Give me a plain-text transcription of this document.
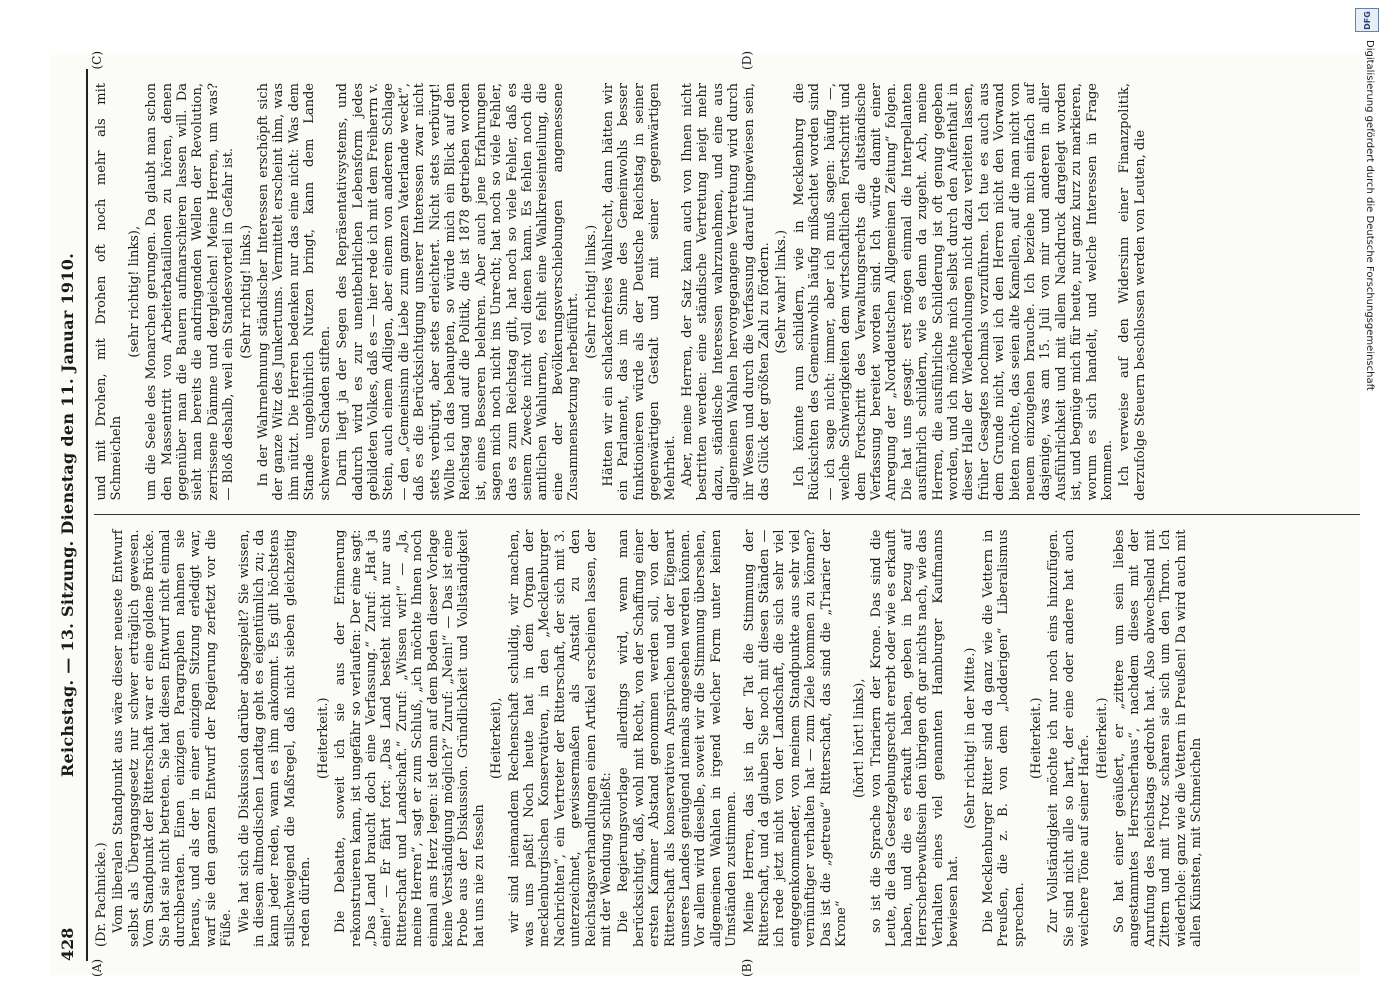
428
Reichstag. — 13. Sitzung. Dienstag den 11. Januar 1910.

(Dr. Pachnicke.) Vom liberalen Standpunkt aus wäre dieser neueste Entwurf selbst als Übergangsgesetz nur schwer erträglich gewesen. Vom Standpunkt der Ritterschaft war er eine goldene Brücke. Sie hat sie nicht betreten. Sie hat diesen Entwurf nicht einmal durchberaten. Einen einzigen Paragraphen nahmen sie heraus, und als der in einer einzigen Sitzung erledigt war, warf sie den ganzen Entwurf der Regierung zerfetzt vor die Füße. Wie hat sich die Diskussion darüber abgespielt? Sie wissen, in diesem altmodischen Landtag geht es eigentümlich zu; da kann jeder reden, wann es ihm ankommt. Es gilt höchstens stillschweigend die Maßregel, daß nicht sieben gleichzeitig reden dürfen.

(Heiterkeit.) Die Debatte, soweit ich sie aus der Erinnerung rekonstruieren kann, ist ungefähr so verlaufen: Der eine sagt: „Das Land braucht doch eine Verfassung.“ Zuruf: „Hat ja eine!“ — Er fährt fort: „Das Land besteht nicht nur aus Ritterschaft und Landschaft.“ Zuruf: „Wissen wir!“ — „Ja, meine Herren“, sagt er zum Schluß, „ich möchte Ihnen noch einmal ans Herz legen: ist denn auf dem Boden dieser Vorlage keine Verständigung möglich?“ Zuruf: „Nein!“ — Das ist eine Probe aus der Diskussion. Gründlichkeit und Vollständigkeit hat uns nie zu fesseln

(Heiterkeit), wir sind niemandem Rechenschaft schuldig, wir machen, was uns paßt! Noch heute hat in dem Organ der mecklenburgischen Konservativen, in den „Mecklenburger Nachrichten“, ein Vertreter der Ritterschaft, der sich mit 3. unterzeichnet, gewissermaßen als Anstalt zu den Reichstagsverhandlungen einen Artikel erscheinen lassen, der mit der Wendung schließt: Die Regierungsvorlage allerdings wird, wenn man berücksichtigt, daß, wohl mit Recht, von der Schaffung einer ersten Kammer Abstand genommen werden soll, von der Ritterschaft als konservativen Ansprüchen und der Eigenart unseres Landes genügend niemals angesehen werden können. Vor allem wird dieselbe, soweit wir die Stimmung übersehen, allgemeinen Wahlen in irgend welcher Form unter keinen Umständen zustimmen. Meine Herren, das ist in der Tat die Stimmung der Ritterschaft, und da glauben Sie noch mit diesen Ständen — ich rede jetzt nicht von der Landschaft, die sich sehr viel entgegenkommender, von meinem Standpunkte aus sehr viel vernünftiger verhalten hat — zum Ziele kommen zu können? Das ist die „getreue“ Ritterschaft, das sind die „Triarier der Krone“

(hört! hört! links), so ist die Sprache von Triariern der Krone. Das sind die Leute, die das Gesetzgebungsrecht ererbt oder wie es erkauft haben, und die es erkauft haben, geben in bezug auf Herrscherbewußtsein den übrigen oft gar nichts nach, wie das Verhalten eines viel genannten Hamburger Kaufmanns bewiesen hat.

(Sehr richtig! in der Mitte.) Die Mecklenburger Ritter sind da ganz wie die Vettern in Preußen, die z. B. von dem „lodderigen“ Liberalismus sprechen.

(Heiterkeit.) Zur Vollständigkeit möchte ich nur noch eins hinzufügen. Sie sind nicht alle so hart, der eine oder andere hat auch weichere Töne auf seiner Harfe. (Heiterkeit.) So hat einer geäußert, er „zittere um sein liebes angestammtes Herrscherhaus“, nachdem dieses mit der Anrufung des Reichstags gedroht hat. Also abwechselnd mit Zittern und mit Trotz scharen sie sich um den Thron. Ich wiederhole: ganz wie die Vettern in Preußen! Da wird auch mit allen Künsten, mit Schmeicheln

und mit Drohen, mit Drohen oft noch mehr als mit Schmeicheln

(sehr richtig! links), um die Seele des Monarchen gerungen. Da glaubt man schon den Massentritt von Arbeiterbataillonen zu hören, denen gegenüber man die Bauern aufmarschieren lassen will. Da sieht man bereits die andringenden Wellen der Revolution, zerrissene Dämme und dergleichen! Meine Herren, um was? — Bloß deshalb, weil ein Standesvorteil in Gefahr ist. (Sehr richtig! links.) In der Wahrnehmung ständischer Interessen erschöpft sich der ganze Witz des Junkertums. Vermittelt erscheint ihm, was ihm nützt. Die Herren bedenken nur das eine nicht: Was dem Stande ungebührlich Nutzen bringt, kann dem Lande schweren Schaden stiften. Darin liegt ja der Segen des Repräsentativsystems, und dadurch wird es zur unentbehrlichen Lebensform jedes gebildeten Volkes, daß es — hier rede ich mit dem Freiherrn v. Stein, auch einem Adligen, aber einem von anderem Schlage — den „Gemeinsinn die Liebe zum ganzen Vaterlande weckt“, daß es die Berücksichtigung unserer Interessen zwar nicht stets verbürgt, aber stets erleichtert. Nicht stets verbürgt! Wollte ich das behaupten, so würde mich ein Blick auf den Reichstag und auf die Politik, die ist 1878 getrieben worden ist, eines Besseren belehren. Aber auch jene Erfahrungen sagen mich noch nicht ins Unrecht; hat noch so viele Fehler, das es zum Reichstag gilt, hat noch so viele Fehler, daß es seinem Zwecke nicht voll dienen kann. Es fehlen noch die amtlichen Wahlurnen, es fehlt eine Wahlkreiseinteilung, die eine der Bevölkerungsverschiebungen angemessene Zusammensetzung herbeiführt.

(Sehr richtig! links.) Hätten wir ein schlackenfreies Wahlrecht, dann hätten wir ein Parlament, das im Sinne des Gemeinwohls besser funktionieren würde als der Deutsche Reichstag in seiner gegenwärtigen Gestalt und mit seiner gegenwärtigen Mehrheit. Aber, meine Herren, der Satz kann auch von Ihnen nicht bestritten werden: eine ständische Vertretung neigt mehr dazu, ständische Interessen wahrzunehmen, und eine aus allgemeinen Wahlen hervorgegangene Vertretung wird durch ihr Wesen und durch die Verfassung darauf hingewiesen sein, das Glück der größten Zahl zu fördern. (Sehr wahr! links.) Ich könnte nun schildern, wie in Mecklenburg die Rücksichten des Gemeinwohls häufig mißachtet worden sind — ich sage nicht: immer, aber ich muß sagen: häufig —, welche Schwierigkeiten dem wirtschaftlichen Fortschritt und dem Fortschritt des Verwaltungsrechts die altständische Verfassung bereitet worden sind. Ich würde damit einer Anregung der „Norddeutschen Allgemeinen Zeitung“ folgen. Die hat uns gesagt: erst mögen einmal die Interpellanten ausführlich schildern, wie es denn da zugeht. Ach, meine Herren, die ausführliche Schilderung ist oft genug gegeben worden, und ich möchte mich selbst durch den Aufenthalt in dieser Halle der Wiederholungen nicht dazu verleiten lassen, früher Gesagtes nochmals vorzuführen. Ich tue es auch aus dem Grunde nicht, weil ich den Herren nicht den Vorwand bieten möchte, das seien alte Kamellen, auf die man nicht von neuem einzugehen brauche. Ich beziehe mich einfach auf dasjenige, was am 15. Juli von mir und anderen in aller Ausführlichkeit und mit allem Nachdruck dargelegt worden ist, und begnüge mich für heute, nur ganz kurz zu markieren, worum es sich handelt, und welche Interessen in Frage kommen. Ich verweise auf den Widersinn einer Finanzpolitik, derzufolge Steuern beschlossen werden von Leuten, die

(A)	(B)
(C)	(D)
DFG
Digitalisierung gefördert durch die Deutsche Forschungsgemeinschaft
